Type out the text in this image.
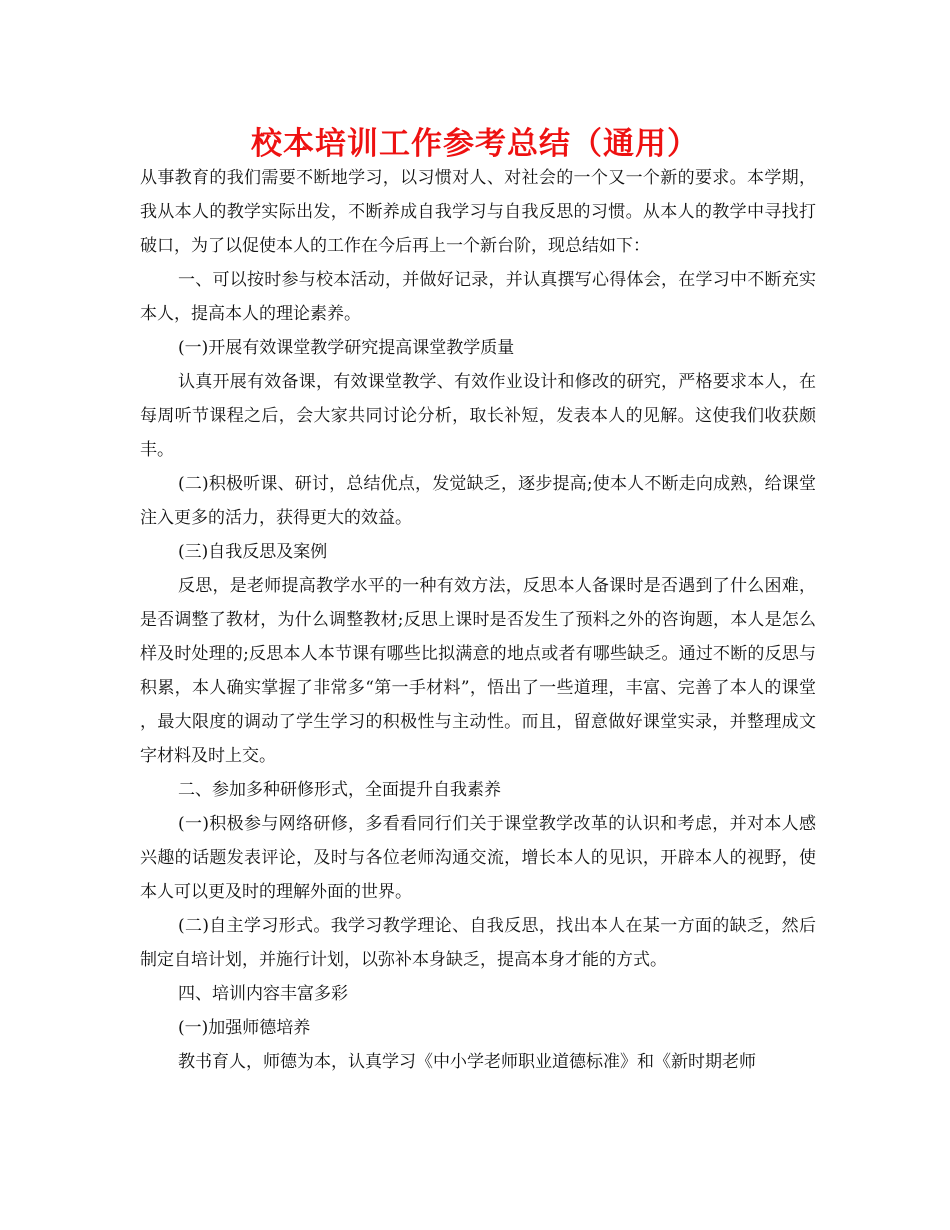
校本培训工作参考总结（通用）

从事教育的我们需要不断地学习，以习惯对人、对社会的一个又一个新的要求。本学期，我从本人的教学实际出发，不断养成自我学习与自我反思的习惯。从本人的教学中寻找打破口，为了以促使本人的工作在今后再上一个新台阶，现总结如下：

一、可以按时参与校本活动，并做好记录，并认真撰写心得体会，在学习中不断充实本人，提高本人的理论素养。

(一)开展有效课堂教学研究提高课堂教学质量

认真开展有效备课，有效课堂教学、有效作业设计和修改的研究，严格要求本人，在每周听节课程之后，会大家共同讨论分析，取长补短，发表本人的见解。这使我们收获颇丰。

(二)积极听课、研讨，总结优点，发觉缺乏，逐步提高;使本人不断走向成熟，给课堂注入更多的活力，获得更大的效益。

(三)自我反思及案例

反思，是老师提高教学水平的一种有效方法，反思本人备课时是否遇到了什么困难，是否调整了教材，为什么调整教材;反思上课时是否发生了预料之外的咨询题，本人是怎么样及时处理的;反思本人本节课有哪些比拟满意的地点或者有哪些缺乏。通过不断的反思与积累，本人确实掌握了非常多“第一手材料”，悟出了一些道理，丰富、完善了本人的课堂，最大限度的调动了学生学习的积极性与主动性。而且，留意做好课堂实录，并整理成文字材料及时上交。

二、参加多种研修形式，全面提升自我素养

(一)积极参与网络研修，多看看同行们关于课堂教学改革的认识和考虑，并对本人感兴趣的话题发表评论，及时与各位老师沟通交流，增长本人的见识，开辟本人的视野，使本人可以更及时的理解外面的世界。

(二)自主学习形式。我学习教学理论、自我反思，找出本人在某一方面的缺乏，然后制定自培计划，并施行计划，以弥补本身缺乏，提高本身才能的方式。

四、培训内容丰富多彩

(一)加强师德培养

教书育人，师德为本，认真学习《中小学老师职业道德标准》和《新时期老师
